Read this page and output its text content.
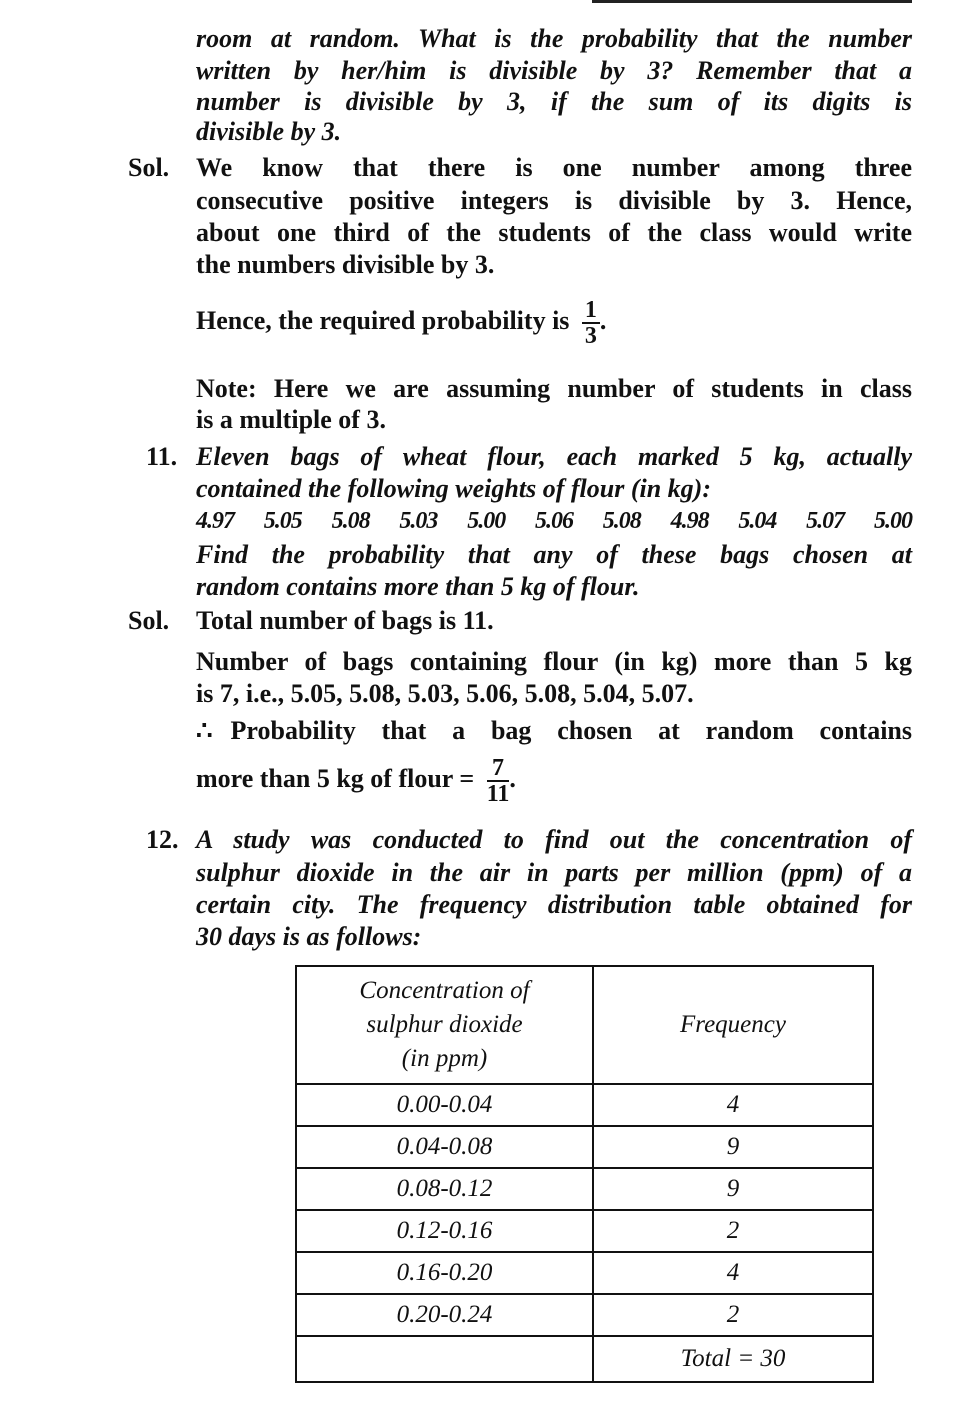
room at random. What is the probability that the number
written by her/him is divisible by 3? Remember that a
number is divisible by 3, if the sum of its digits is
divisible by 3.
Sol. We know that there is one number among three
consecutive positive integers is divisible by 3. Hence,
about one third of the students of the class would write
the numbers divisible by 3.
Hence, the required probability is $\frac{1}{3}$ .
Note: Here we are assuming number of students in class
is a multiple of 3.
11. Eleven bags of wheat flour, each marked 5 kg, actually
contained the following weights of flour (in kg):
4.97 5.05 5.08 5.03 5.00 5.06 5.08 4.98 5.04 5.07 5.00
Find the probability that any of these bags chosen at
random contains more than 5 kg of flour.
Sol. Total number of bags is 11.
Number of bags containing flour (in kg) more than 5 kg
is 7, i.e., 5.05, 5.08, 5.03, 5.06, 5.08, 5.04, 5.07.
∴ Probability that a bag chosen at random contains
more than 5 kg of flour = $\frac{7}{11}$ .
12. A study was conducted to find out the concentration of
sulphur dioxide in the air in parts per million (ppm) of a
certain city. The frequency distribution table obtained for
30 days is as follows:
Concentration of
sulphur dioxide
(in ppm)	Frequency
0.00-0.04	4
0.04-0.08	9
0.08-0.12	9
0.12-0.16	2
0.16-0.20	4
0.20-0.24	2
	Total = 30
